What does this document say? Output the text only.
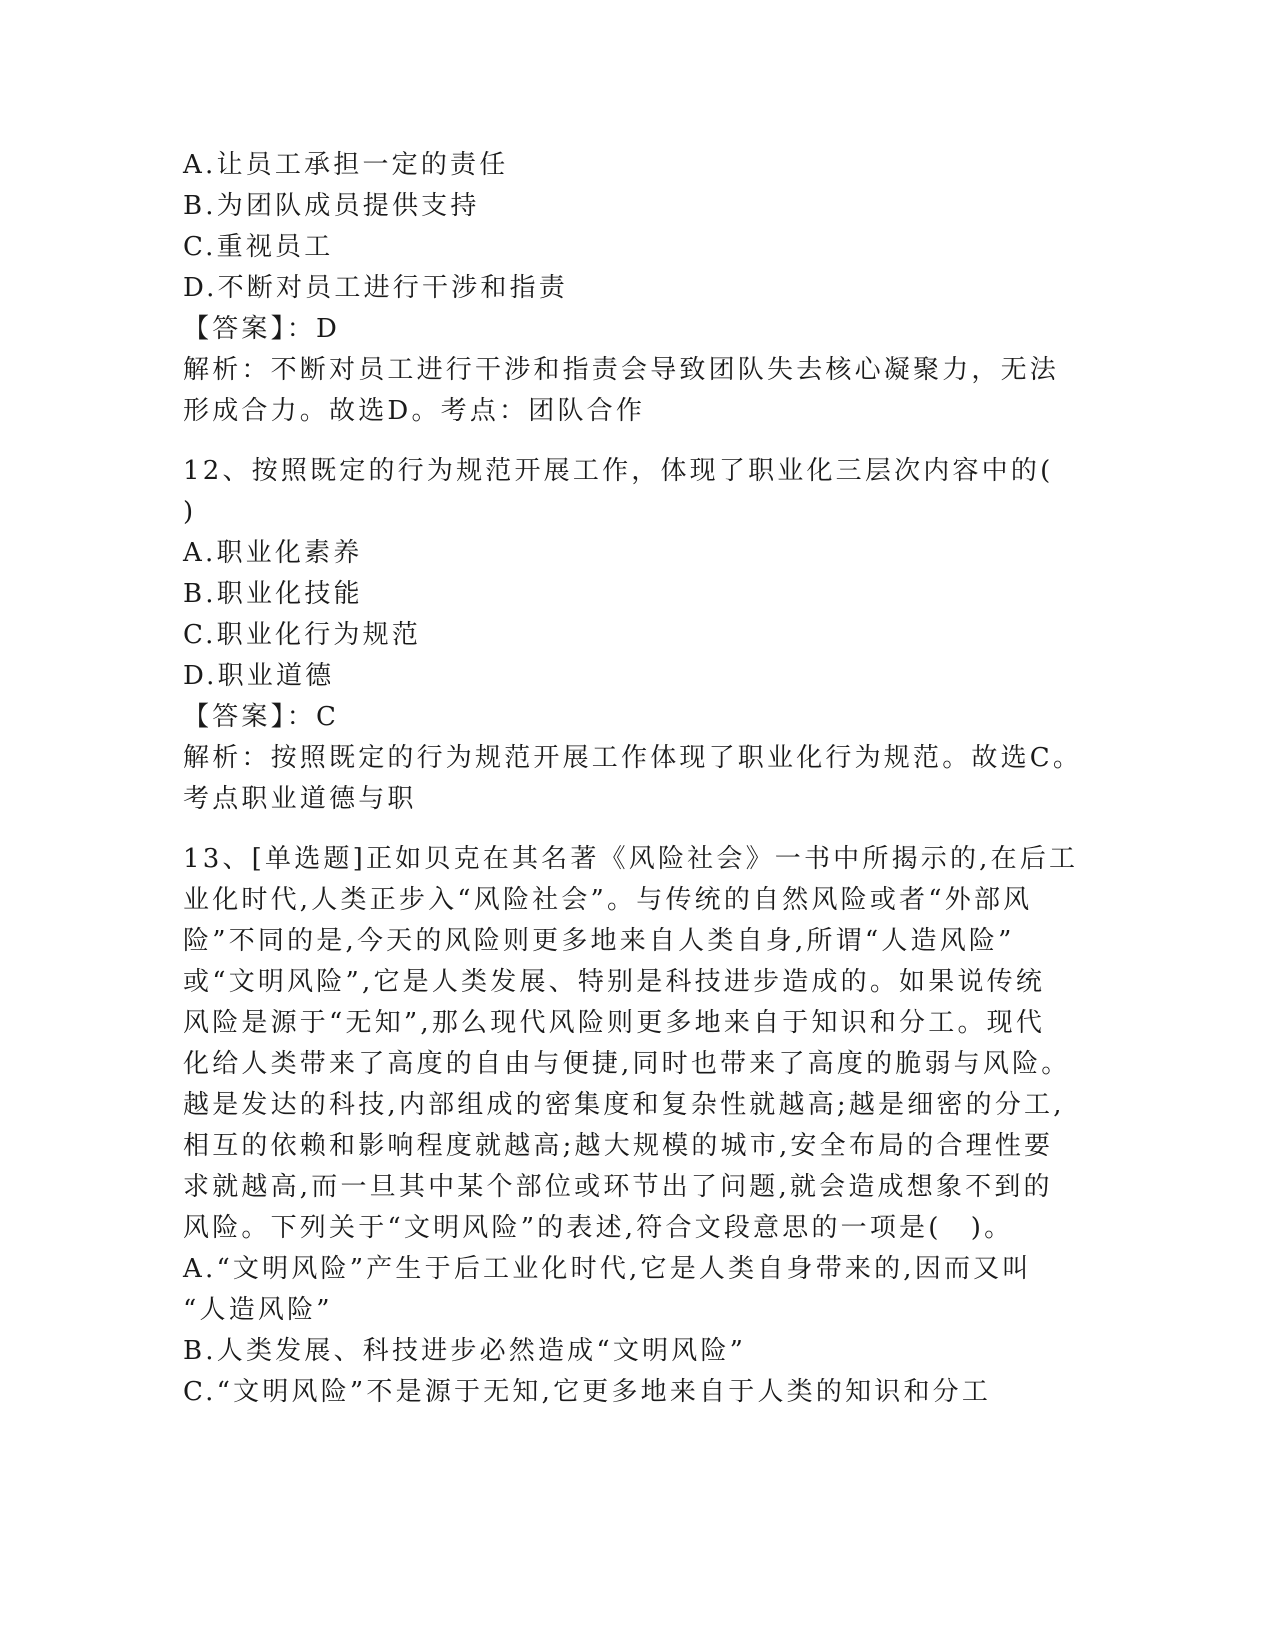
A.让员工承担一定的责任
B.为团队成员提供支持
C.重视员工
D.不断对员工进行干涉和指责
【答案】：D
解析：不断对员工进行干涉和指责会导致团队失去核心凝聚力，无法
形成合力。故选D。考点：团队合作
12、按照既定的行为规范开展工作，体现了职业化三层次内容中的(
)
A.职业化素养
B.职业化技能
C.职业化行为规范
D.职业道德
【答案】：C
解析：按照既定的行为规范开展工作体现了职业化行为规范。故选C。
考点职业道德与职
13、[单选题]正如贝克在其名著《风险社会》一书中所揭示的,在后工
业化时代,人类正步入“风险社会”。与传统的自然风险或者“外部风
险”不同的是,今天的风险则更多地来自人类自身,所谓“人造风险”
或“文明风险”,它是人类发展、特别是科技进步造成的。如果说传统
风险是源于“无知”,那么现代风险则更多地来自于知识和分工。现代
化给人类带来了高度的自由与便捷,同时也带来了高度的脆弱与风险。
越是发达的科技,内部组成的密集度和复杂性就越高;越是细密的分工,
相互的依赖和影响程度就越高;越大规模的城市,安全布局的合理性要
求就越高,而一旦其中某个部位或环节出了问题,就会造成想象不到的
风险。下列关于“文明风险”的表述,符合文段意思的一项是(　)。
A.“文明风险”产生于后工业化时代,它是人类自身带来的,因而又叫
“人造风险”
B.人类发展、科技进步必然造成“文明风险”
C.“文明风险”不是源于无知,它更多地来自于人类的知识和分工
